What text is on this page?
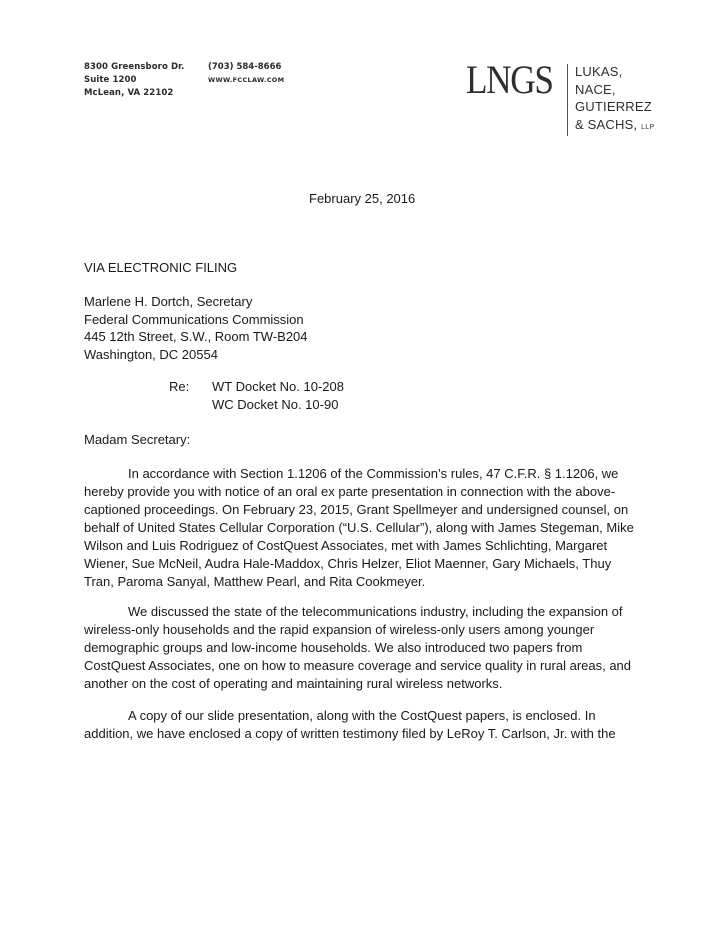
8300 Greensboro Dr.
Suite 1200
McLean, VA 22102
(703) 584-8666
WWW.FCCLAW.COM	LNGS LUKAS,
NACE,
GUTIERREZ
& SACHS, LLP
February 25, 2016
VIA ELECTRONIC FILING
Marlene H. Dortch, Secretary
Federal Communications Commission
445 12th Street, S.W., Room TW-B204
Washington, DC 20554
Re: WT Docket No. 10-208
WC Docket No. 10-90
Madam Secretary:
In accordance with Section 1.1206 of the Commission’s rules, 47 C.F.R. § 1.1206, we
hereby provide you with notice of an oral ex parte presentation in connection with the above-
captioned proceedings. On February 23, 2015, Grant Spellmeyer and undersigned counsel, on
behalf of United States Cellular Corporation (“U.S. Cellular”), along with James Stegeman, Mike
Wilson and Luis Rodriguez of CostQuest Associates, met with James Schlichting, Margaret
Wiener, Sue McNeil, Audra Hale-Maddox, Chris Helzer, Eliot Maenner, Gary Michaels, Thuy
Tran, Paroma Sanyal, Matthew Pearl, and Rita Cookmeyer.
We discussed the state of the telecommunications industry, including the expansion of
wireless-only households and the rapid expansion of wireless-only users among younger
demographic groups and low-income households. We also introduced two papers from
CostQuest Associates, one on how to measure coverage and service quality in rural areas, and
another on the cost of operating and maintaining rural wireless networks.
A copy of our slide presentation, along with the CostQuest papers, is enclosed. In
addition, we have enclosed a copy of written testimony filed by LeRoy T. Carlson, Jr. with the
